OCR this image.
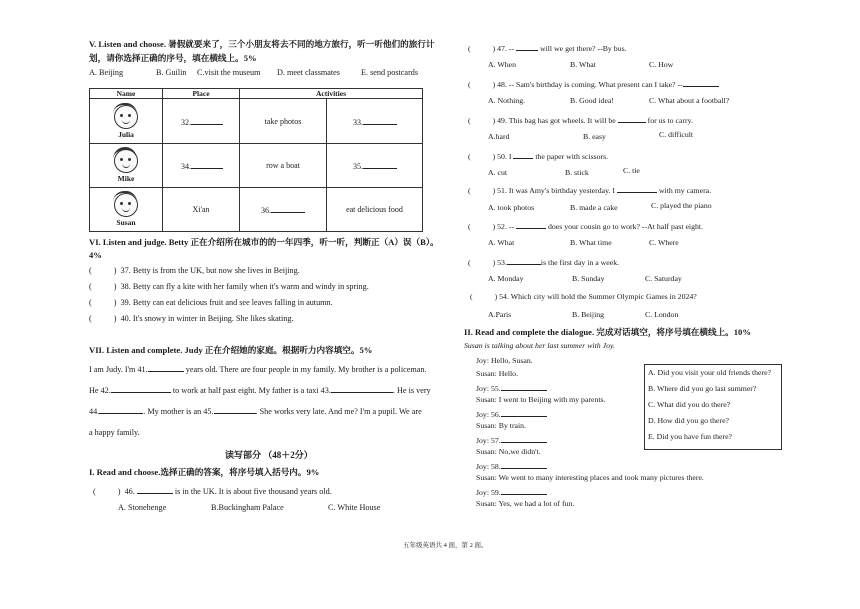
V. Listen and choose. 暑假就要来了，三个小朋友将去不同的地方旅行，听一听他们的旅行计
划，请你选择正确的序号，填在横线上。5%
A. Beijing	B. Guilin C.visit the museum D. meet classmates	E. send postcards
Name	Place	Activities	

Julia	32.	take photos	33.

Mike	34.	row a boat	35.

Susan	Xi'an	36.	eat delicious food
VI. Listen and judge. Betty 正在介绍所在城市的的一年四季，听一听，判断正（A）误（B）。
4%
(	)  37. Betty is from the UK, but now she lives in Beijing.
(	)  38. Betty can fly a kite with her family when it's warm and windy in spring.
(	)  39. Betty can eat delicious fruit and see leaves falling in autumn.
(	)  40. It's snowy in winter in Beijing. She likes skating.
VII. Listen and complete. Judy 正在介绍她的家庭。根据听力内容填空。5%
I am Judy. I'm 41.	years old. There are four people in my family. My brother is a policeman.
He 42.	to work at half past eight. My father is a taxi 43.	. He is very
44.	. My mother is an 45.	. She works very late. And me? I'm a pupil. We are
a happy family.
读写部分 （48＋2分）
I. Read and choose.选择正确的答案，将序号填入括号内。9%
(	)  46.	is in the UK. It is about five thousand years old.
A. Stonehenge	B.Buckingham Palace	C. White House
(	) 47. --	will we get there? --By bus.
A. When	B. What	C. How
(	) 48. -- Sam's birthday is coming. What present can I take? --
A. Nothing.	B. Good idea!	C. What about a football?
(	) 49. This bag has got wheels. It will be	for us to carry.
A.hard	B. easy	C. difficult
(	) 50. I	the paper with scissors.
A. cut	B. stick	C. tie
(	) 51. It was Amy's birthday yesterday. I	with my camera.
A. took photos	B. made a cake	C. played the piano
(	) 52. --	does your cousin go to work? --At half past eight.
A. What	B. What time	C. Where
(	) 53.	is the first day in a week.
A. Monday	B. Sunday	C. Saturday
(	) 54. Which city will hold the Summer Olympic Games in 2024?
A.Paris	B. Beijing	C. London
II. Read and complete the dialogue. 完成对话填空，将序号填在横线上。10%
Susan is talking about her last summer with Joy.
Joy: Hello, Susan.
Susan: Hello.
Joy: 55.
Susan: I went to Beijing with my parents.
Joy: 56.
Susan: By train.
Joy: 57.
Susan: No,we didn't.
Joy: 58.
Susan: We went to many interesting places and took many pictures there.
Joy: 59.
Susan: Yes, we had a lot of fun.
A. Did you visit your old friends there?
B. Where did you go last summer?
C. What did you do there?
D. How did you go there?
E. Did you have fun there?
五年级英语共 4 面，第 2 面。
